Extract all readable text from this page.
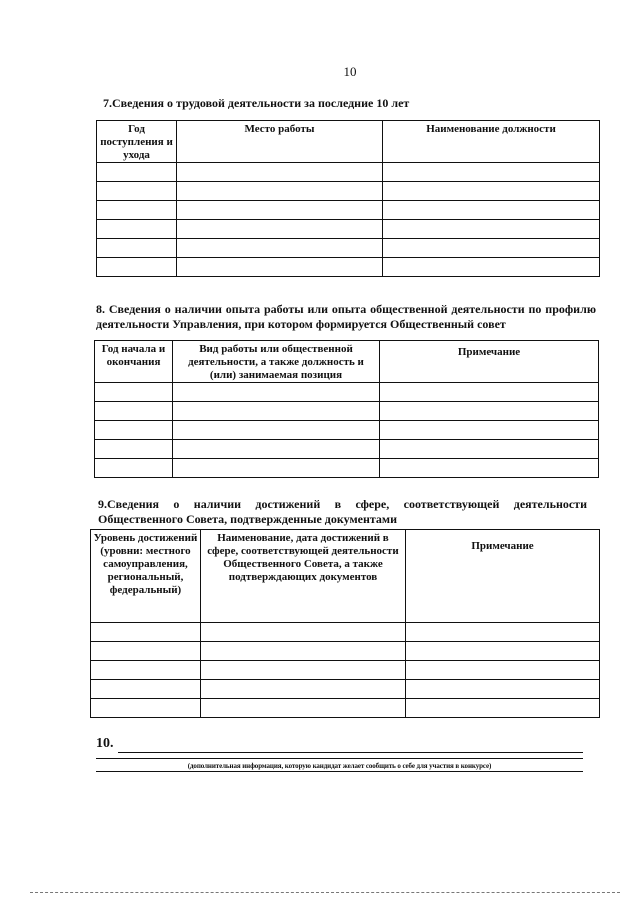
10
7.Сведения о трудовой деятельности за последние 10 лет
Год поступления и ухода	Место работы	Наименование должности

8. Сведения о наличии опыта работы или опыта общественной деятельности по профилю
деятельности Управления, при котором формируется Общественный совет
Год начала и окончания	Вид работы или общественной деятельности, а также должность и (или) занимаемая позиция	Примечание

9.Сведения о наличии достижений в сфере, соответствующей деятельности
Общественного Совета, подтвержденные документами
Уровень достижений (уровни: местного самоуправления, региональный, федеральный)	Наименование, дата достижений в сфере, соответствующей деятельности Общественного Совета, а также подтверждающих документов	Примечание

10.
(дополнительная информация, которую кандидат желает сообщить о себе для участия в конкурсе)
